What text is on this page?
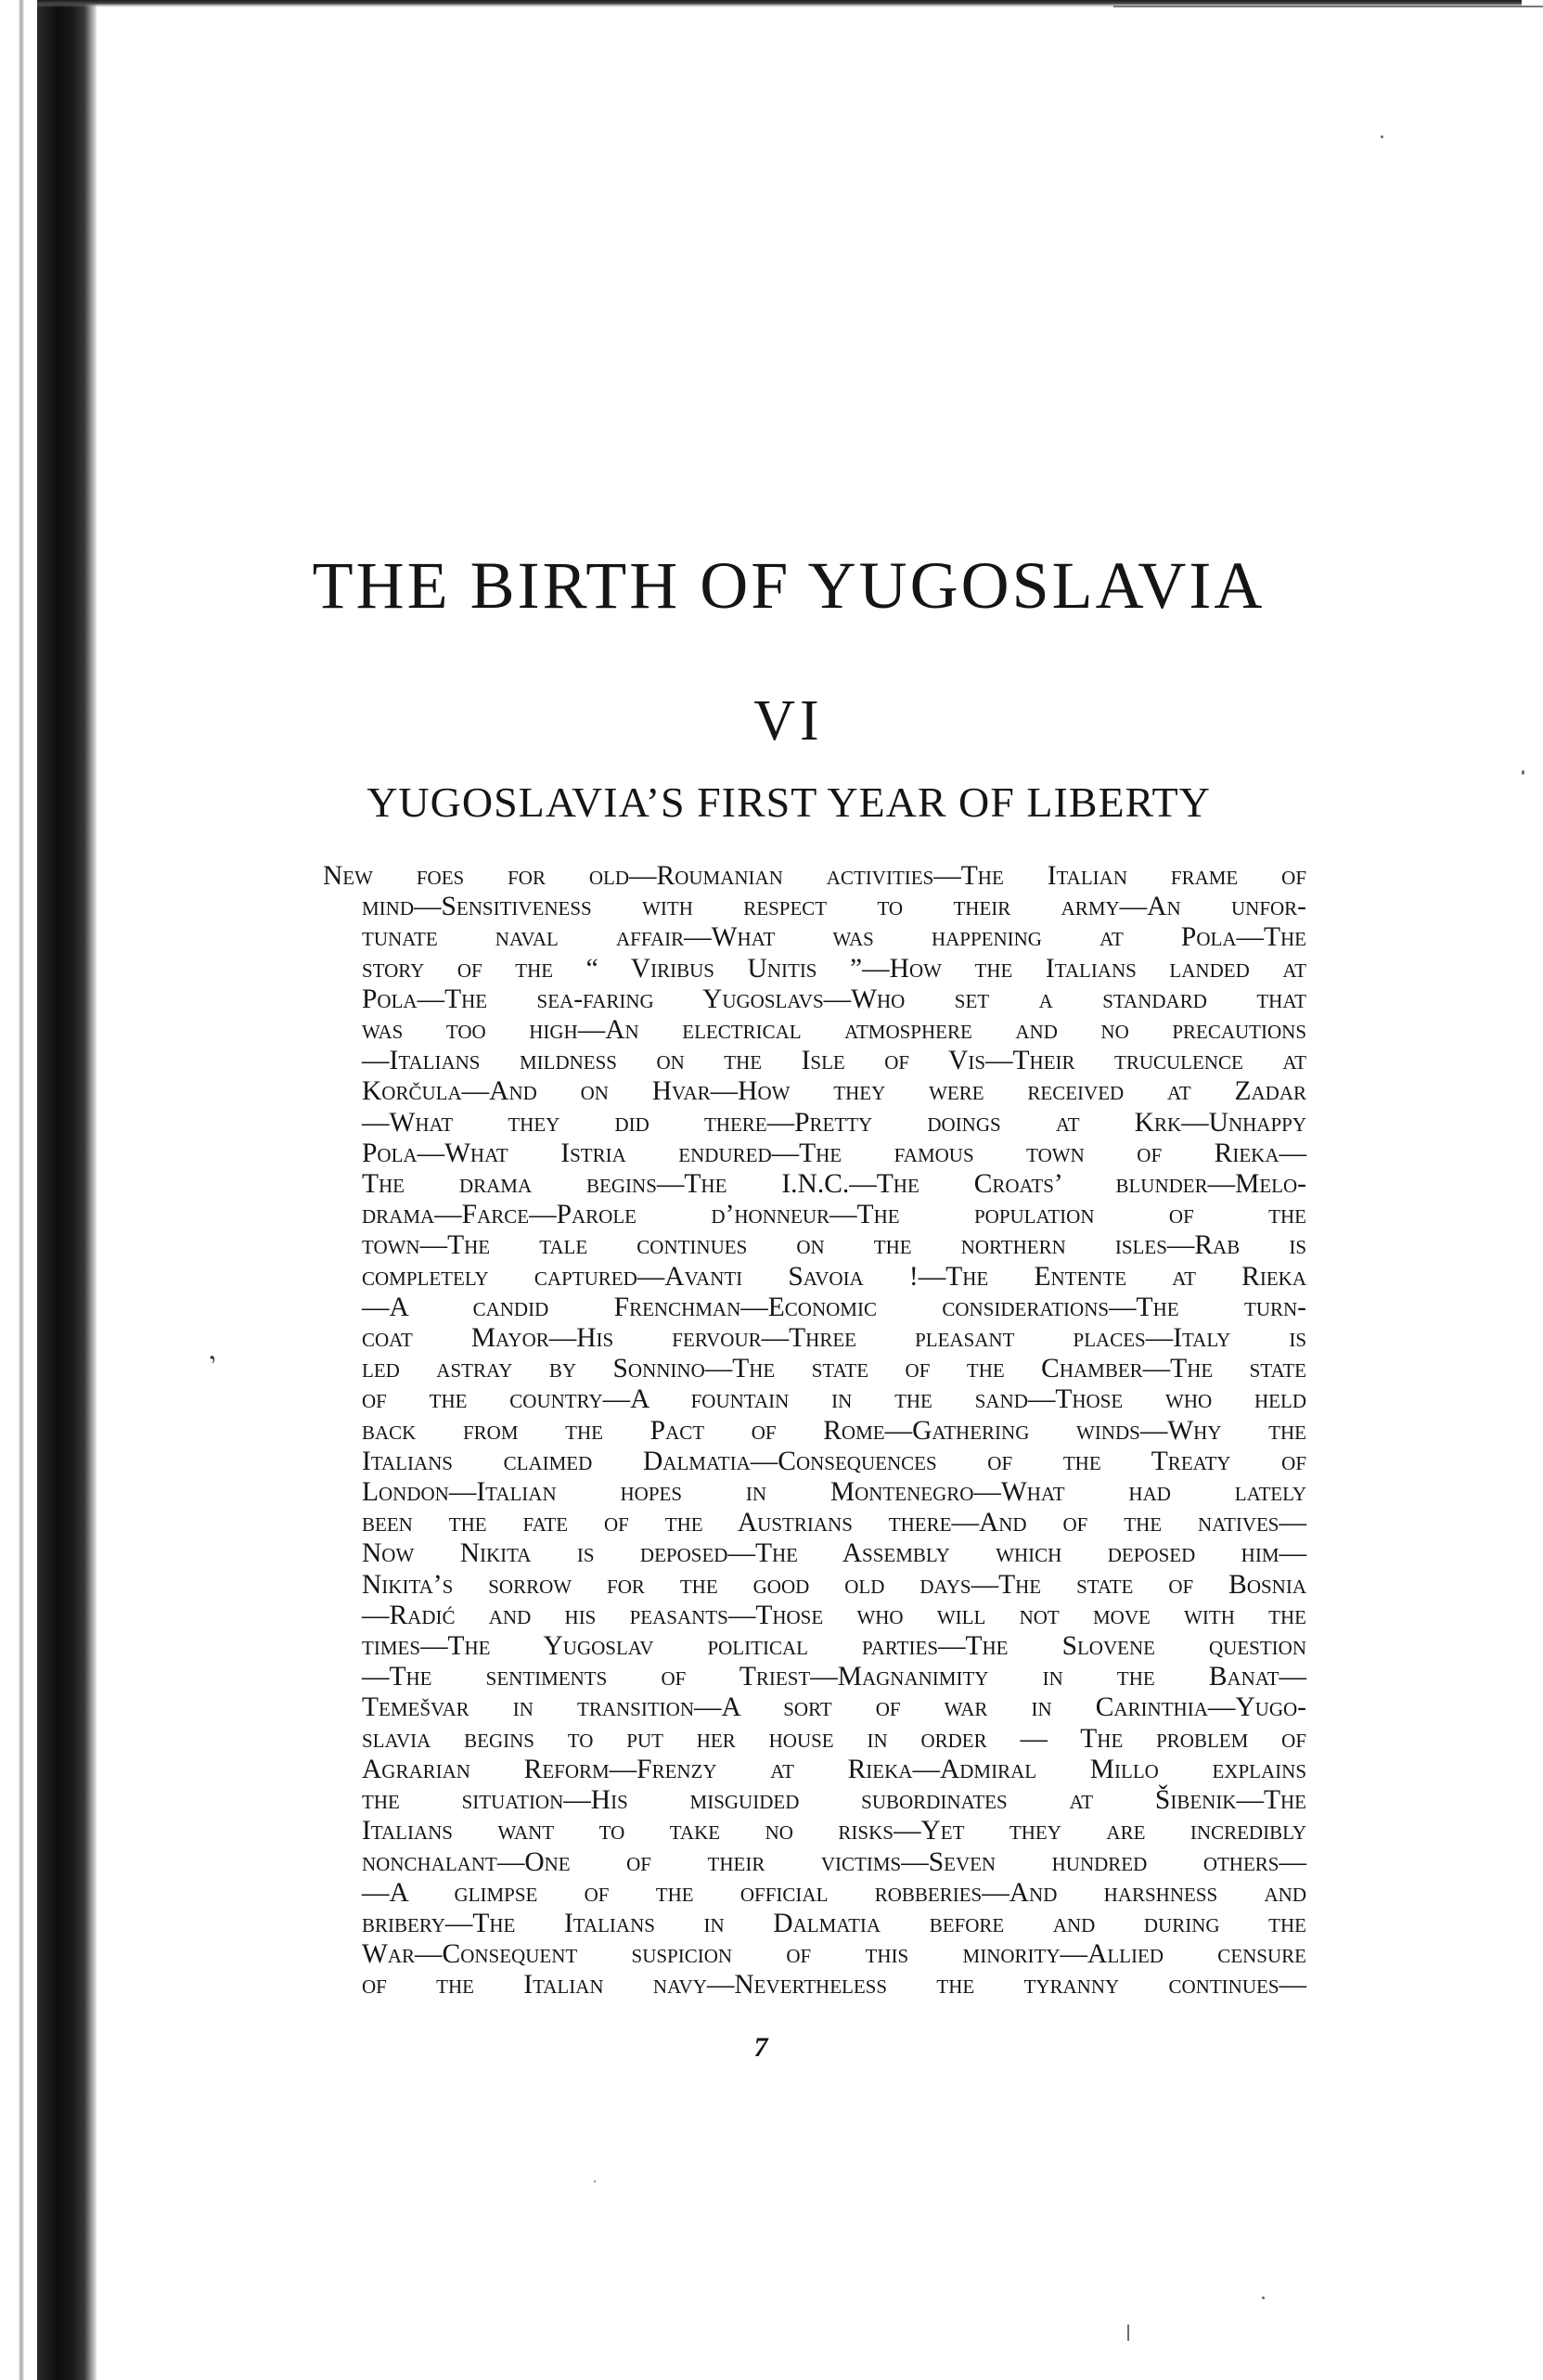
THE BIRTH OF YUGOSLAVIA
VI
YUGOSLAVIA’S FIRST YEAR OF LIBERTY
New foes for old—Roumanian activities—The Italian frame of
mind—Sensitiveness with respect to their army—An unfor-
tunate naval affair—What was happening at Pola—The
story of the “ Viribus Unitis ”—How the Italians landed at
Pola—The sea-faring Yugoslavs—Who set a standard that
was too high—An electrical atmosphere and no precautions
—Italians mildness on the Isle of Vis—Their truculence at
Korčula—And on Hvar—How they were received at Zadar
—What they did there—Pretty doings at Krk—Unhappy
Pola—What Istria endured—The famous town of Rieka—
The drama begins—The I.N.C.—The Croats’ blunder—Melo-
drama—Farce—Parole d’honneur—The population of the
town—The tale continues on the northern isles—Rab is
completely captured—Avanti Savoia !—The Entente at Rieka
—A candid Frenchman—Economic considerations—The turn-
coat Mayor—His fervour—Three pleasant places—Italy is
led astray by Sonnino—The state of the Chamber—The state
of the country—A fountain in the sand—Those who held
back from the Pact of Rome—Gathering winds—Why the
Italians claimed Dalmatia—Consequences of the Treaty of
London—Italian hopes in Montenegro—What had lately
been the fate of the Austrians there—And of the natives—
Now Nikita is deposed—The Assembly which deposed him—
Nikita’s sorrow for the good old days—The state of Bosnia
—Radić and his peasants—Those who will not move with the
times—The Yugoslav political parties—The Slovene question
—The sentiments of Triest—Magnanimity in the Banat—
Temešvar in transition—A sort of war in Carinthia—Yugo-
slavia begins to put her house in order — The problem of
Agrarian Reform—Frenzy at Rieka—Admiral Millo explains
the situation—His misguided subordinates at Šibenik—The
Italians want to take no risks—Yet they are incredibly
nonchalant—One of their victims—Seven hundred others—
—A glimpse of the official robberies—And harshness and
bribery—The Italians in Dalmatia before and during the
War—Consequent suspicion of this minority—Allied censure
of the Italian navy—Nevertheless the tyranny continues—
ʼ
7
